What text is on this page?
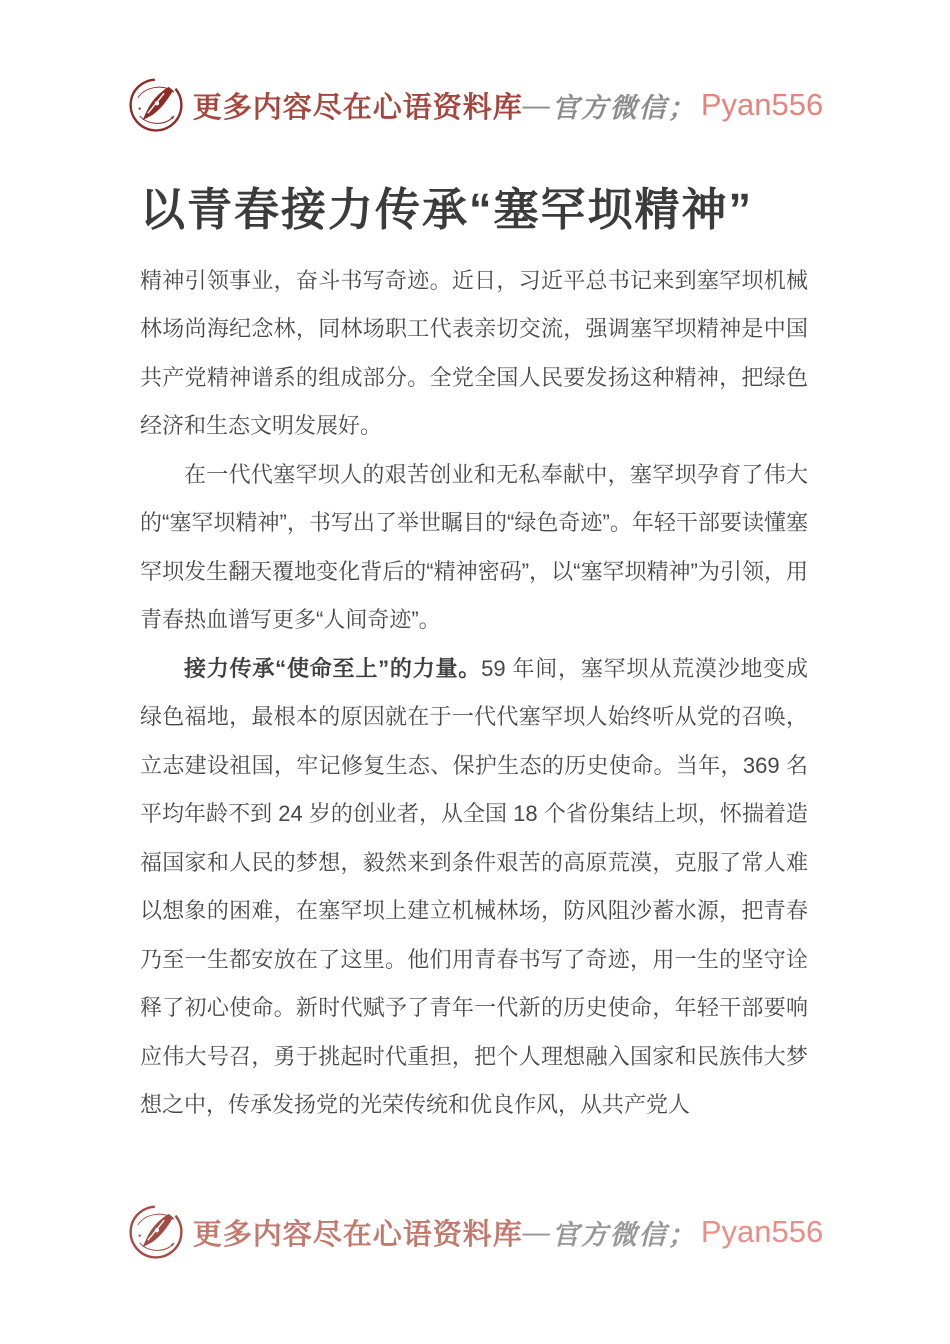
更多内容尽在心语资料库 — 官方微信； Pyan556
以青春接力传承“塞罕坝精神”

精神引领事业，奋斗书写奇迹。近日，习近平总书记来到塞罕坝机械林场尚海纪念林，同林场职工代表亲切交流，强调塞罕坝精神是中国共产党精神谱系的组成部分。全党全国人民要发扬这种精神，把绿色经济和生态文明发展好。

在一代代塞罕坝人的艰苦创业和无私奉献中，塞罕坝孕育了伟大的“塞罕坝精神”，书写出了举世瞩目的“绿色奇迹”。年轻干部要读懂塞罕坝发生翻天覆地变化背后的“精神密码”，以“塞罕坝精神”为引领，用青春热血谱写更多“人间奇迹”。

接力传承“使命至上”的力量。59 年间，塞罕坝从荒漠沙地变成绿色福地，最根本的原因就在于一代代塞罕坝人始终听从党的召唤，立志建设祖国，牢记修复生态、保护生态的历史使命。当年，369 名平均年龄不到 24 岁的创业者，从全国 18 个省份集结上坝，怀揣着造福国家和人民的梦想，毅然来到条件艰苦的高原荒漠，克服了常人难以想象的困难，在塞罕坝上建立机械林场，防风阻沙蓄水源，把青春乃至一生都安放在了这里。他们用青春书写了奇迹，用一生的坚守诠释了初心使命。新时代赋予了青年一代新的历史使命，年轻干部要响应伟大号召，勇于挑起时代重担，把个人理想融入国家和民族伟大梦想之中，传承发扬党的光荣传统和优良作风，从共产党人

更多内容尽在心语资料库 — 官方微信； Pyan556
